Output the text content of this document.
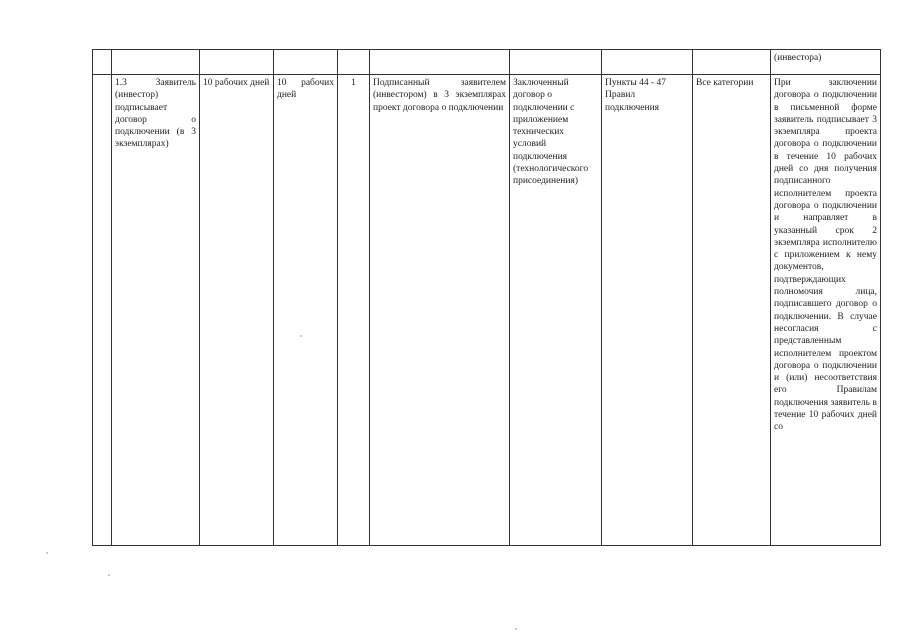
									(инвестора)
	1.3 Заявитель (инвестор) подписывает договор о подключении (в 3 экземплярах)	10 рабочих дней	10 рабочих дней	1	Подписанный заявителем (инвестором) в 3 экземплярах проект договора о подключении	Заключенный договор о подключении с приложением технических условий подключения (технологического присоединения)	Пункты 44 - 47 Правил подключения	Все категории	При заключении договора о подключении в письменной форме заявитель подписывает 3 экземпляра проекта договора о подключении в течение 10 рабочих дней со дня получения подписанного исполнителем проекта договора о подключении и направляет в указанный срок 2 экземпляра исполнителю с приложением к нему документов, подтверждающих полномочия лица, подписавшего договор о подключении. В случае несогласия с представленным исполнителем проектом договора о подключении и (или) несоответствия его Правилам подключения заявитель в течение 10 рабочих дней со
